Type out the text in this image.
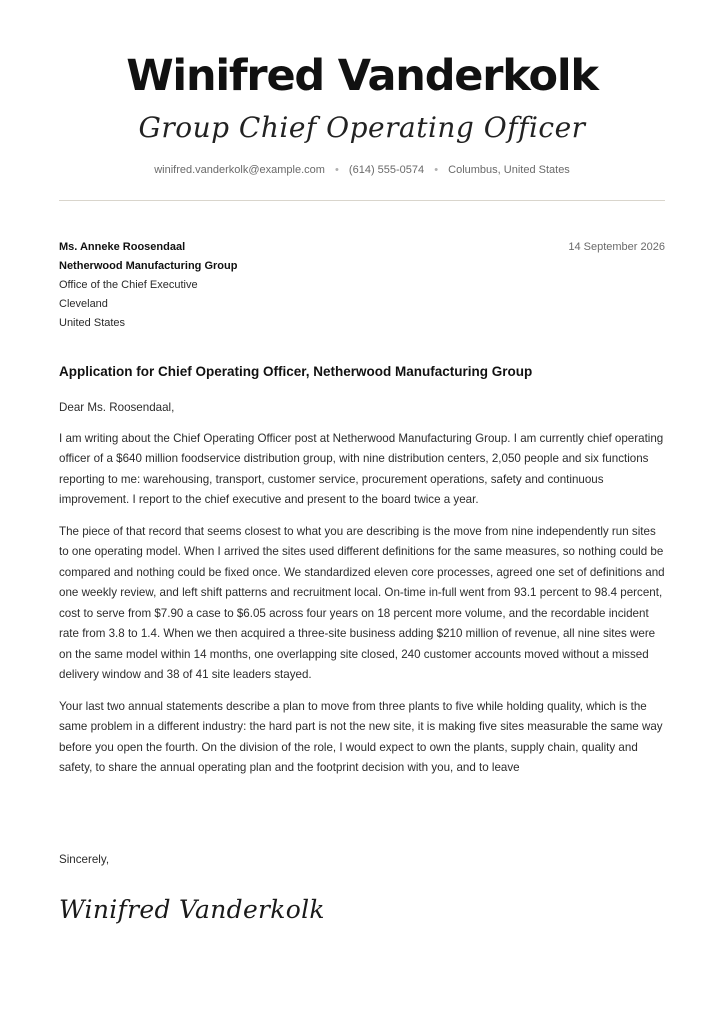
Winifred Vanderkolk
Group Chief Operating Officer
winifred.vanderkolk@example.com • (614) 555-0574 • Columbus, United States
Ms. Anneke Roosendaal
Netherwood Manufacturing Group
Office of the Chief Executive
Cleveland
United States
14 September 2026
Application for Chief Operating Officer, Netherwood Manufacturing Group

Dear Ms. Roosendaal,

I am writing about the Chief Operating Officer post at Netherwood Manufacturing Group. I am currently chief operating officer of a $640 million foodservice distribution group, with nine distribution centers, 2,050 people and six functions reporting to me: warehousing, transport, customer service, procurement operations, safety and continuous improvement. I report to the chief executive and present to the board twice a year.

The piece of that record that seems closest to what you are describing is the move from nine independently run sites to one operating model. When I arrived the sites used different definitions for the same measures, so nothing could be compared and nothing could be fixed once. We standardized eleven core processes, agreed one set of definitions and one weekly review, and left shift patterns and recruitment local. On-time in-full went from 93.1 percent to 98.4 percent, cost to serve from $7.90 a case to $6.05 across four years on 18 percent more volume, and the recordable incident rate from 3.8 to 1.4. When we then acquired a three-site business adding $210 million of revenue, all nine sites were on the same model within 14 months, one overlapping site closed, 240 customer accounts moved without a missed delivery window and 38 of 41 site leaders stayed.

Your last two annual statements describe a plan to move from three plants to five while holding quality, which is the same problem in a different industry: the hard part is not the new site, it is making five sites measurable the same way before you open the fourth. On the division of the role, I would expect to own the plants, supply chain, quality and safety, to share the annual operating plan and the footprint decision with you, and to leave

Sincerely,
Winifred Vanderkolk
